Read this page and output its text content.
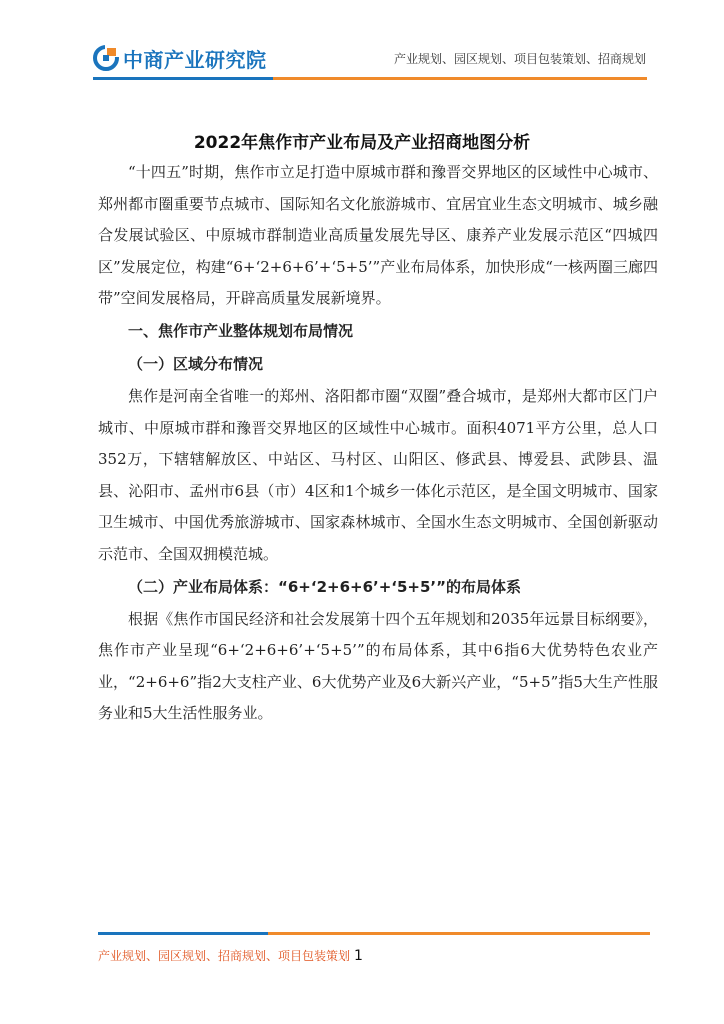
中商产业研究院	产业规划、园区规划、项目包装策划、招商规划
2022年焦作市产业布局及产业招商地图分析

“十四五”时期，焦作市立足打造中原城市群和豫晋交界地区的区域性中心城市、郑州都市圈重要节点城市、国际知名文化旅游城市、宜居宜业生态文明城市、城乡融合发展试验区、中原城市群制造业高质量发展先导区、康养产业发展示范区“四城四区”发展定位，构建“6+‘2+6+6’+‘5+5’”产业布局体系，加快形成“一核两圈三廊四带”空间发展格局，开辟高质量发展新境界。

一、焦作市产业整体规划布局情况

（一）区域分布情况

焦作是河南全省唯一的郑州、洛阳都市圈“双圈”叠合城市，是郑州大都市区门户城市、中原城市群和豫晋交界地区的区域性中心城市。面积4071平方公里，总人口352万，下辖辖解放区、中站区、马村区、山阳区、修武县、博爱县、武陟县、温县、沁阳市、孟州市6县（市）4区和1个城乡一体化示范区，是全国文明城市、国家卫生城市、中国优秀旅游城市、国家森林城市、全国水生态文明城市、全国创新驱动示范市、全国双拥模范城。

（二）产业布局体系：“6+‘2+6+6’+‘5+5’”的布局体系

根据《焦作市国民经济和社会发展第十四个五年规划和2035年远景目标纲要》，焦作市产业呈现“6+‘2+6+6’+‘5+5’”的布局体系，其中6指6大优势特色农业产业，“2+6+6”指2大支柱产业、6大优势产业及6大新兴产业，“5+5”指5大生产性服务业和5大生活性服务业。

产业规划、园区规划、招商规划、项目包装策划 1
